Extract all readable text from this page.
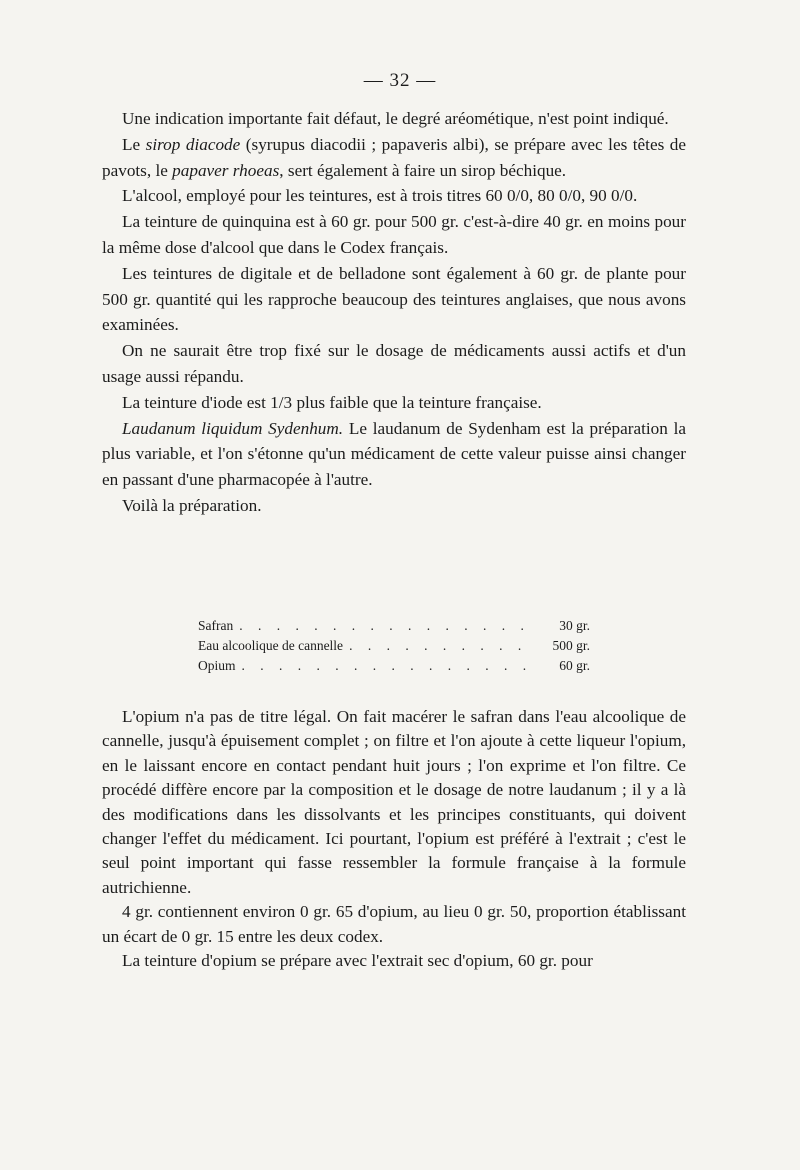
— 32 —

Une indication importante fait défaut, le degré aréométique, n'est point indiqué.

Le sirop diacode (syrupus diacodii ; papaveris albi), se prépare avec les têtes de pavots, le papaver rhoeas, sert également à faire un sirop béchique.

L'alcool, employé pour les teintures, est à trois titres 60 0/0, 80 0/0, 90 0/0.

La teinture de quinquina est à 60 gr. pour 500 gr. c'est-à-dire 40 gr. en moins pour la même dose d'alcool que dans le Codex français.

Les teintures de digitale et de belladone sont également à 60 gr. de plante pour 500 gr. quantité qui les rapproche beaucoup des teintures anglaises, que nous avons examinées.

On ne saurait être trop fixé sur le dosage de médicaments aussi actifs et d'un usage aussi répandu.

La teinture d'iode est 1/3 plus faible que la teinture française.

Laudanum liquidum Sydenhum. Le laudanum de Sydenham est la préparation la plus variable, et l'on s'étonne qu'un médicament de cette valeur puisse ainsi changer en passant d'une pharmacopée à l'autre.

Voilà la préparation.

Safran . . .	30 gr.
Eau alcoolique de cannelle . . .	500 gr.
Opium . . .	60 gr.

L'opium n'a pas de titre légal. On fait macérer le safran dans l'eau alcoolique de cannelle, jusqu'à épuisement complet ; on filtre et l'on ajoute à cette liqueur l'opium, en le laissant encore en contact pendant huit jours ; l'on exprime et l'on filtre. Ce procédé diffère encore par la composition et le dosage de notre laudanum ; il y a là des modifications dans les dissolvants et les principes constituants, qui doivent changer l'effet du médicament. Ici pourtant, l'opium est préféré à l'extrait ; c'est le seul point important qui fasse ressembler la formule française à la formule autrichienne.

4 gr. contiennent environ 0 gr. 65 d'opium, au lieu 0 gr. 50, proportion établissant un écart de 0 gr. 15 entre les deux codex.

La teinture d'opium se prépare avec l'extrait sec d'opium, 60 gr. pour
